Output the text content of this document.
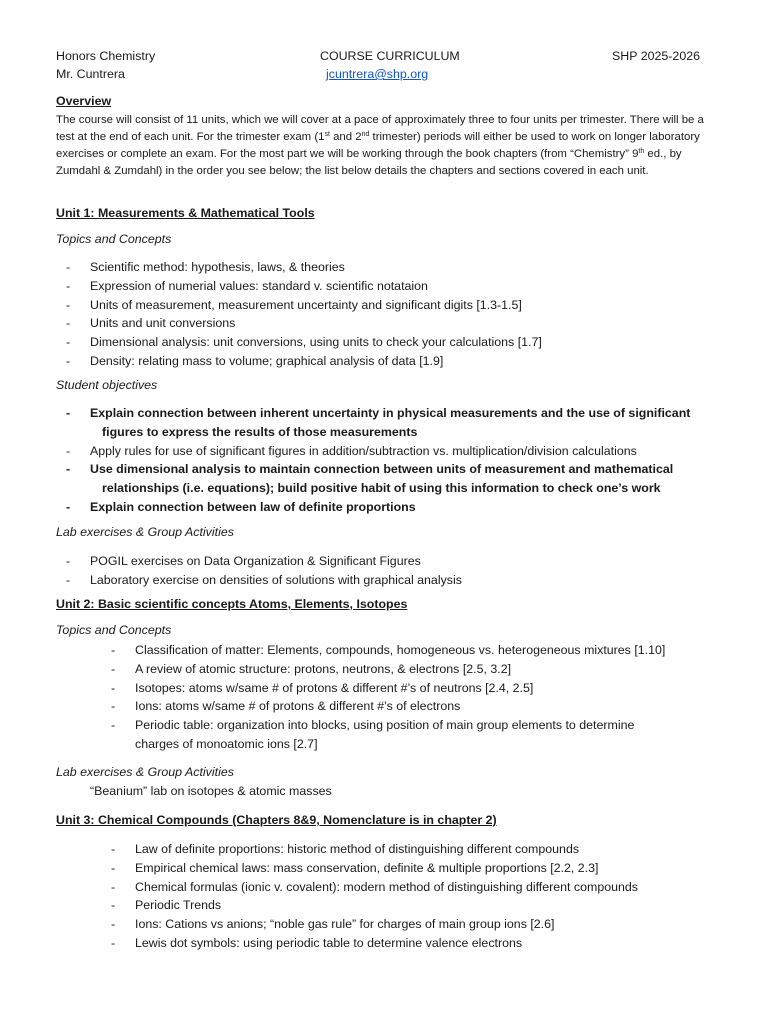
Honors Chemistry	COURSE CURRICULUM	SHP 2025-2026
Mr. Cuntrera	jcuntrera@shp.org
Overview
The course will consist of 11 units, which we will cover at a pace of approximately three to four units per trimester. There will be a test at the end of each unit. For the trimester exam (1st and 2nd trimester) periods will either be used to work on longer laboratory exercises or complete an exam. For the most part we will be working through the book chapters (from “Chemistry” 9th ed., by Zumdahl & Zumdahl) in the order you see below; the list below details the chapters and sections covered in each unit.
Unit 1: Measurements & Mathematical Tools
Topics and Concepts
- Scientific method: hypothesis, laws, & theories
- Expression of numerial values: standard v. scientific notataion
- Units of measurement, measurement uncertainty and significant digits [1.3-1.5]
- Units and unit conversions
- Dimensional analysis: unit conversions, using units to check your calculations [1.7]
- Density: relating mass to volume; graphical analysis of data [1.9]
Student objectives
- Explain connection between inherent uncertainty in physical measurements and the use of significant
figures to express the results of those measurements
- Apply rules for use of significant figures in addition/subtraction vs. multiplication/division calculations
- Use dimensional analysis to maintain connection between units of measurement and mathematical
relationships (i.e. equations); build positive habit of using this information to check one’s work
- Explain connection between law of definite proportions
Lab exercises & Group Activities
- POGIL exercises on Data Organization & Significant Figures
- Laboratory exercise on densities of solutions with graphical analysis
Unit 2: Basic scientific concepts Atoms, Elements, Isotopes
Topics and Concepts
- Classification of matter: Elements, compounds, homogeneous vs. heterogeneous mixtures [1.10]
- A review of atomic structure: protons, neutrons, & electrons [2.5, 3.2]
- Isotopes: atoms w/same # of protons & different #’s of neutrons [2.4, 2.5]
- Ions: atoms w/same # of protons & different #’s of electrons
- Periodic table: organization into blocks, using position of main group elements to determine
charges of monoatomic ions [2.7]
Lab exercises & Group Activities
“Beanium” lab on isotopes & atomic masses
Unit 3: Chemical Compounds (Chapters 8&9, Nomenclature is in chapter 2)
- Law of definite proportions: historic method of distinguishing different compounds
- Empirical chemical laws: mass conservation, definite & multiple proportions [2.2, 2.3]
- Chemical formulas (ionic v. covalent): modern method of distinguishing different compounds
- Periodic Trends
- Ions: Cations vs anions; “noble gas rule” for charges of main group ions [2.6]
- Lewis dot symbols: using periodic table to determine valence electrons
